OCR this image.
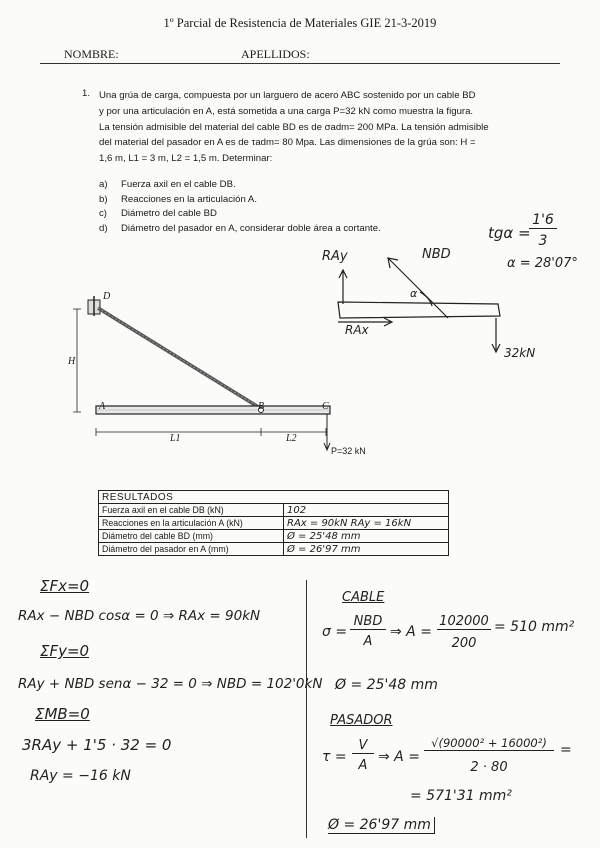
1º Parcial de Resistencia de Materiales GIE 21-3-2019
NOMBRE:	APELLIDOS:
1. Una grúa de carga, compuesta por un larguero de acero ABC sostenido por un cable BD
y por una articulación en A, está sometida a una carga P=32 kN como muestra la figura.
La tensión admisible del material del cable BD es de σadm= 200 MPa. La tensión admisible
del material del pasador en A es de τadm= 80 Mpa. Las dimensiones de la grúa son: H =
1,6 m, L1 = 3 m, L2 = 1,5 m. Determinar:
a) Fuerza axil en el cable DB.
b) Reacciones en la articulación A.
c) Diámetro del cable BD
d) Diámetro del pasador en A, considerar doble área a cortante.	tgα =
1'6
3
α = 28'07°
RAy	NBD
α
RAx
32kN
D
A	B	C
H
L1	L2
P=32 kN
RESULTADOS	
Fuerza axil en el cable DB (kN)	102
Reacciones en la articulación A (kN)	RAx = 90kN RAy = 16kN
Diámetro del cable BD (mm)	Ø = 25'48 mm
Diámetro del pasador en A (mm)	Ø = 26'97 mm
ΣFx=0
RAx − NBD cosα = 0 ⇒ RAx = 90kN
ΣFy=0
RAy + NBD senα − 32 = 0 ⇒ NBD = 102'0kN
ΣMB=0
3RAy + 1'5 · 32 = 0
RAy = −16 kN
CABLE
σ =
NBD
A
⇒ A =
102000
200
= 510 mm²
Ø = 25'48 mm
PASADOR
τ =
V
A
⇒ A =
√(90000² + 16000²)
2 · 80
=
= 571'31 mm²
Ø = 26'97 mm
